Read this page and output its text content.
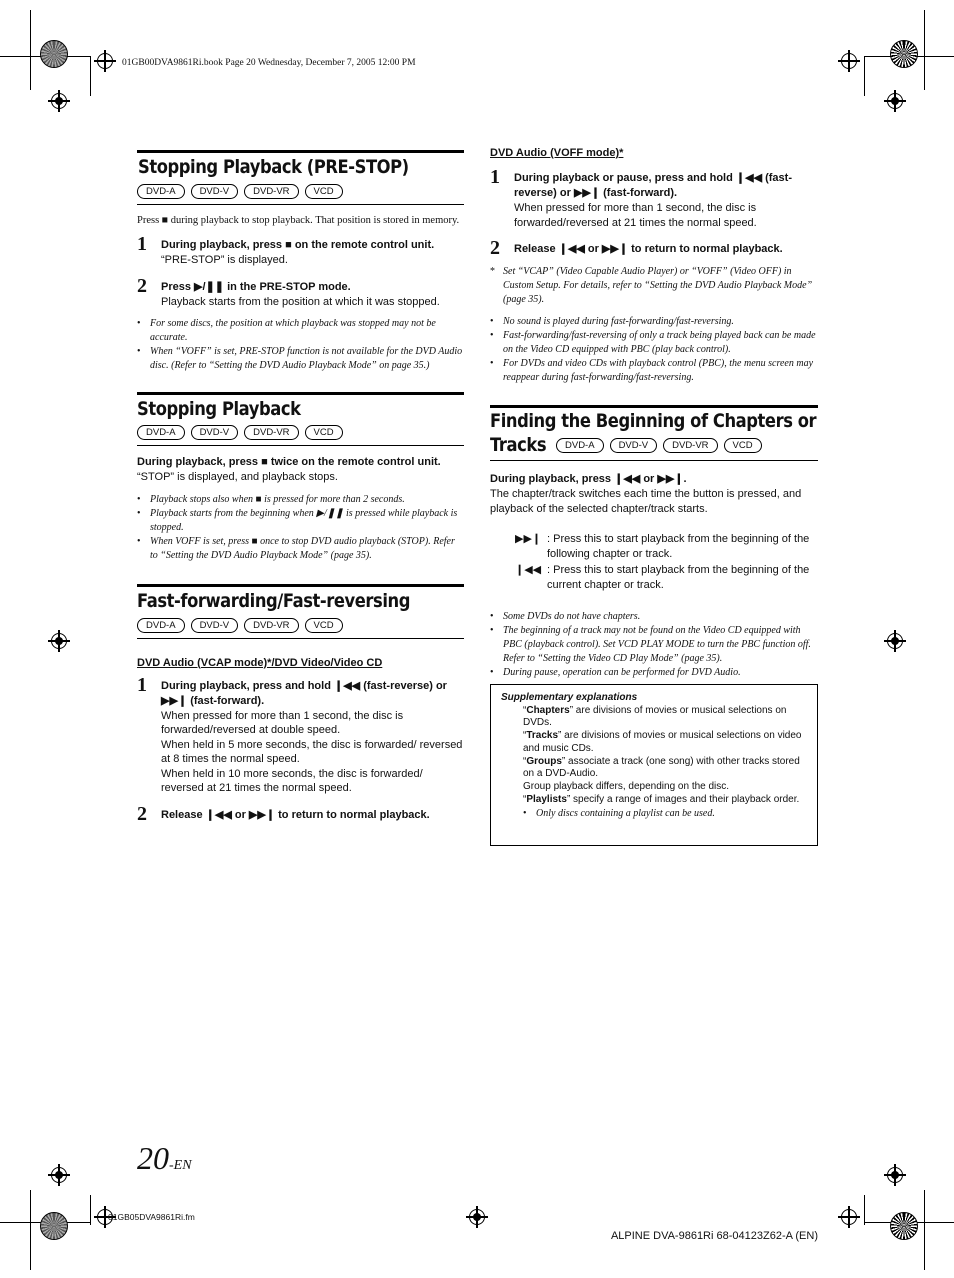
01GB00DVA9861Ri.book Page 20 Wednesday, December 7, 2005 12:00 PM
Stopping Playback (PRE-STOP)
DVD-A	DVD-V	DVD-VR	VCD
Press ■ during playback to stop playback. That position is stored in memory.
1 During playback, press ■ on the remote control unit.
“PRE-STOP” is displayed.
2 Press ▶/❚❚ in the PRE-STOP mode.
Playback starts from the position at which it was stopped.
• For some discs, the position at which playback was stopped may not be accurate.
• When “VOFF” is set, PRE-STOP function is not available for the DVD Audio disc. (Refer to “Setting the DVD Audio Playback Mode” on page 35.)
Stopping Playback
DVD-A	DVD-V	DVD-VR	VCD
During playback, press ■ twice on the remote control unit.
“STOP” is displayed, and playback stops.
• Playback stops also when ■ is pressed for more than 2 seconds.
• Playback starts from the beginning when ▶/❚❚ is pressed while playback is stopped.
• When VOFF is set, press ■ once to stop DVD audio playback (STOP). Refer to “Setting the DVD Audio Playback Mode” (page 35).
Fast-forwarding/Fast-reversing
DVD-A	DVD-V	DVD-VR	VCD
DVD Audio (VCAP mode)*/DVD Video/Video CD
1 During playback, press and hold ❙◀◀ (fast-reverse) or ▶▶❙ (fast-forward).
When pressed for more than 1 second, the disc is forwarded/reversed at double speed.
When held in 5 more seconds, the disc is forwarded/ reversed at 8 times the normal speed.
When held in 10 more seconds, the disc is forwarded/ reversed at 21 times the normal speed.
2 Release ❙◀◀ or ▶▶❙ to return to normal playback.
DVD Audio (VOFF mode)*
1 During playback or pause, press and hold ❙◀◀ (fast-reverse) or ▶▶❙ (fast-forward).
When pressed for more than 1 second, the disc is forwarded/reversed at 21 times the normal speed.
2 Release ❙◀◀ or ▶▶❙ to return to normal playback.
* Set “VCAP” (Video Capable Audio Player) or “VOFF” (Video OFF) in Custom Setup. For details, refer to “Setting the DVD Audio Playback Mode” (page 35).
• No sound is played during fast-forwarding/fast-reversing.
• Fast-forwarding/fast-reversing of only a track being played back can be made on the Video CD equipped with PBC (play back control).
• For DVDs and video CDs with playback control (PBC), the menu screen may reappear during fast-forwarding/fast-reversing.
Finding the Beginning of Chapters or
Tracks	DVD-A	DVD-V	DVD-VR	VCD
During playback, press ❙◀◀ or ▶▶❙.
The chapter/track switches each time the button is pressed, and playback of the selected chapter/track starts.
▶▶❙ : Press this to start playback from the beginning of the following chapter or track.
❙◀◀ : Press this to start playback from the beginning of the current chapter or track.
• Some DVDs do not have chapters.
• The beginning of a track may not be found on the Video CD equipped with PBC (playback control). Set VCD PLAY MODE to turn the PBC function off. Refer to “Setting the Video CD Play Mode” (page 35).
• During pause, operation can be performed for DVD Audio.
Supplementary explanations
“Chapters” are divisions of movies or musical selections on DVDs.
“Tracks” are divisions of movies or musical selections on video and music CDs.
“Groups” associate a track (one song) with other tracks stored on a DVD-Audio.
Group playback differs, depending on the disc.
“Playlists” specify a range of images and their playback order.
• Only discs containing a playlist can be used.
20-EN
01GB05DVA9861Ri.fm
ALPINE DVA-9861Ri 68-04123Z62-A (EN)
